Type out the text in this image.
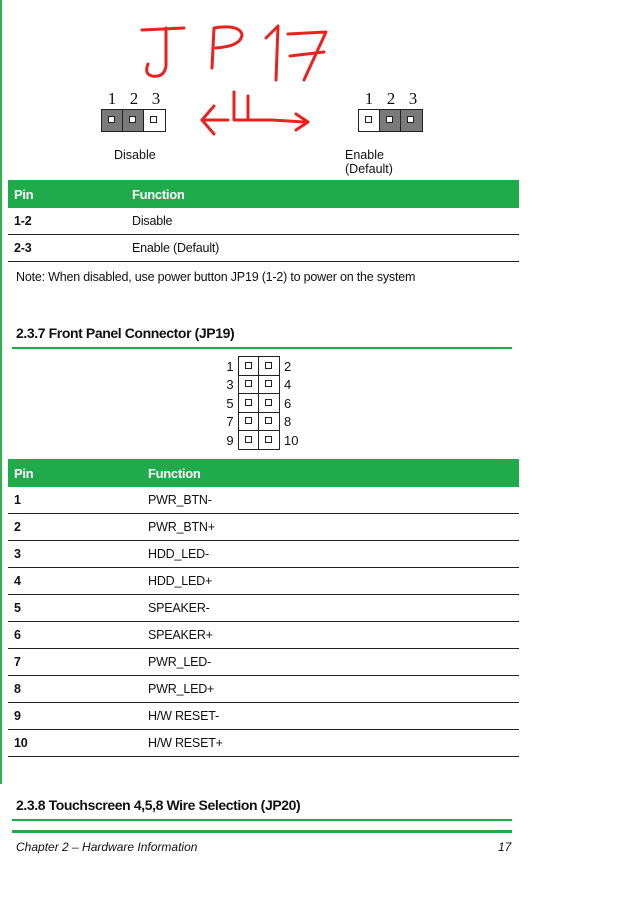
1 2 3
Disable
1 2 3
Enable (Default)
Pin	Function
1-2	Disable
2-3	Enable (Default)
Note: When disabled, use power button JP19 (1-2) to power on the system
2.3.7 Front Panel Connector (JP19)
1	2
3	4
5	6
7	8
9	10
Pin	Function
1	PWR_BTN-
2	PWR_BTN+
3	HDD_LED-
4	HDD_LED+
5	SPEAKER-
6	SPEAKER+
7	PWR_LED-
8	PWR_LED+
9	H/W RESET-
10	H/W RESET+
2.3.8 Touchscreen 4,5,8 Wire Selection (JP20)
Chapter 2 – Hardware Information	17
